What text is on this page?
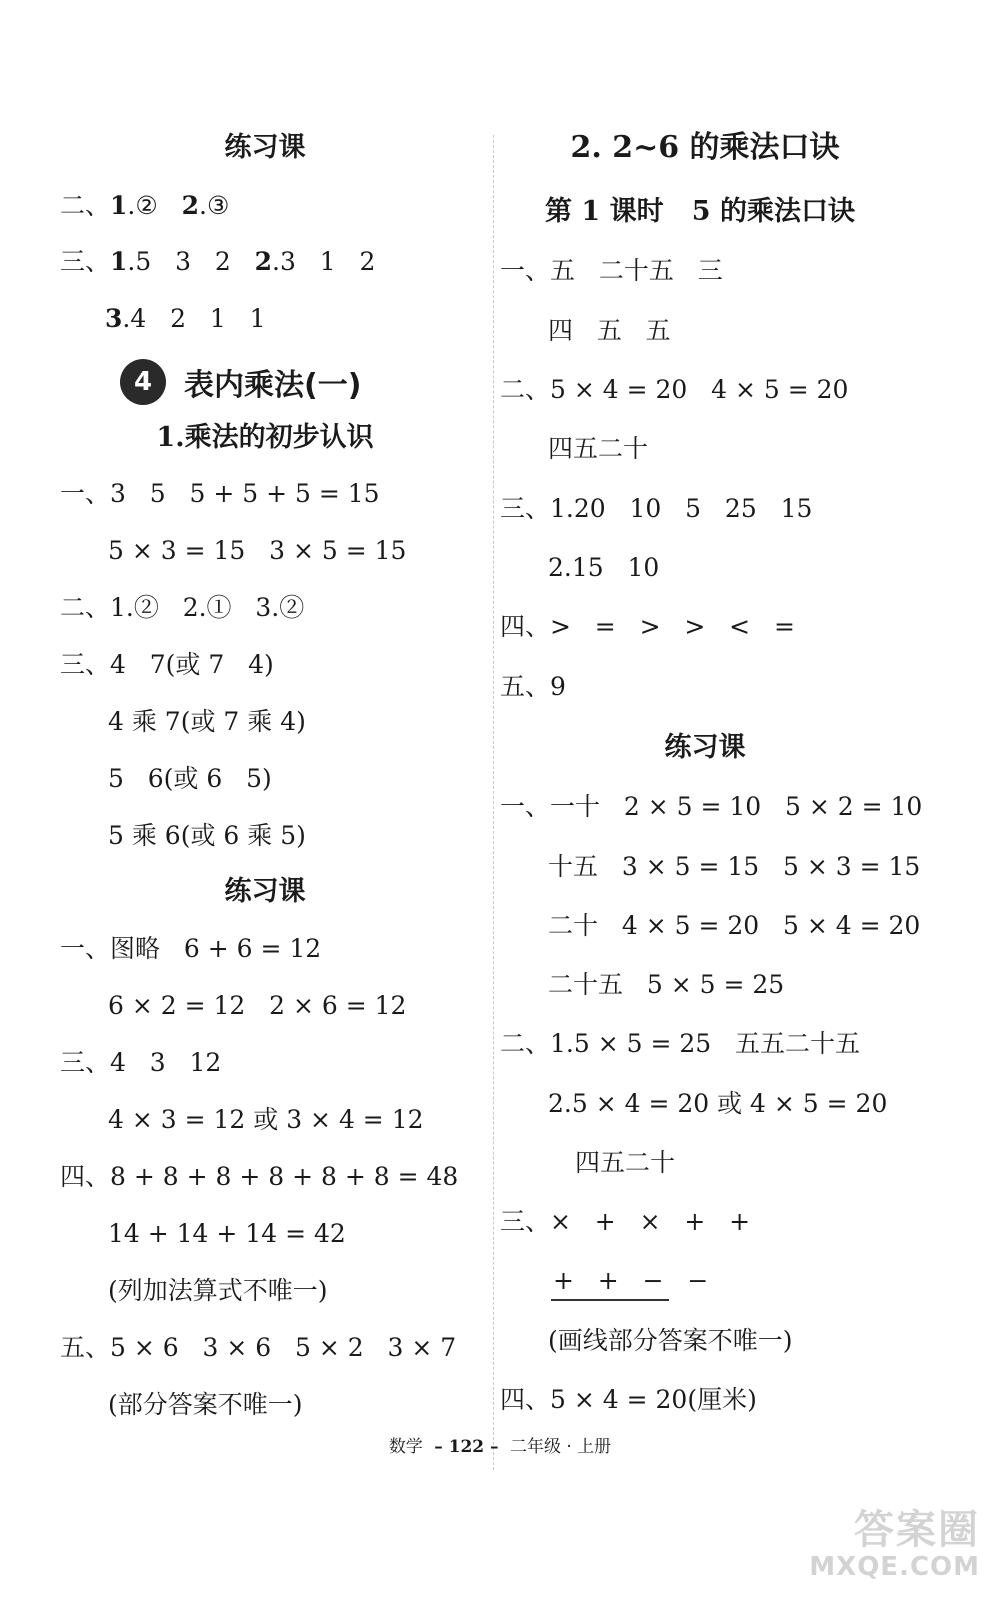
练习课
二、1.②   2.③
三、1.5   3   2   2.3   1   2
3.4   2   1   1
4	表内乘法(一)
1.乘法的初步认识
一、3   5   5 + 5 + 5 = 15
5 × 3 = 15   3 × 5 = 15
二、1.②   2.①   3.②
三、4   7(或 7   4)
4 乘 7(或 7 乘 4)
5   6(或 6   5)
5 乘 6(或 6 乘 5)
练习课
一、图略   6 + 6 = 12
6 × 2 = 12   2 × 6 = 12
三、4   3   12
4 × 3 = 12 或 3 × 4 = 12
四、8 + 8 + 8 + 8 + 8 + 8 = 48
14 + 14 + 14 = 42
(列加法算式不唯一)
五、5 × 6   3 × 6   5 × 2   3 × 7
(部分答案不唯一)
2. 2~6 的乘法口诀
第 1 课时   5 的乘法口诀
一、五   二十五   三
四   五   五
二、5 × 4 = 20   4 × 5 = 20
四五二十
三、1.20   10   5   25   15
2.15   10
四、>   =   >   >   <   =
五、9
练习课
一、一十   2 × 5 = 10   5 × 2 = 10
十五   3 × 5 = 15   5 × 3 = 15
二十   4 × 5 = 20   5 × 4 = 20
二十五   5 × 5 = 25
二、1.5 × 5 = 25   五五二十五
2.5 × 4 = 20 或 4 × 5 = 20
四五二十
三、×   +   ×   +   +
+   +   −   −
(画线部分答案不唯一)
四、5 × 4 = 20(厘米)
数学 – 122 – 二年级 · 上册
答案圈
MXQE.COM
